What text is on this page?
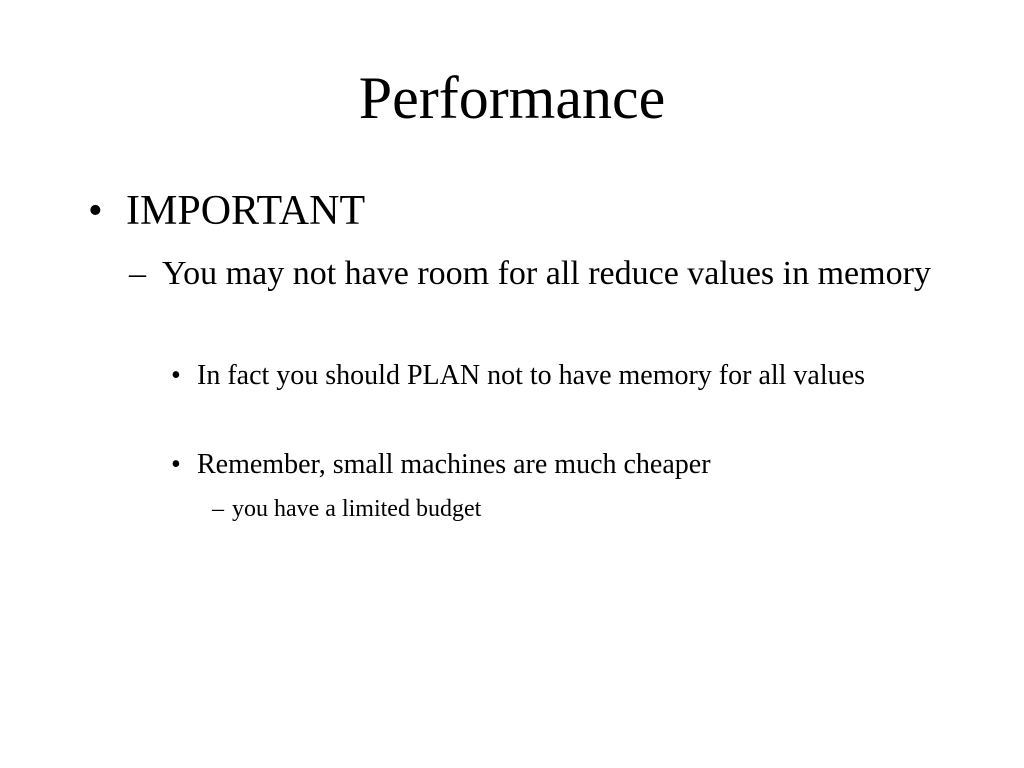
Performance
• IMPORTANT
– You may not have room for all reduce values in memory
• In fact you should PLAN not to have memory for all values
• Remember, small machines are much cheaper
– you have a limited budget
